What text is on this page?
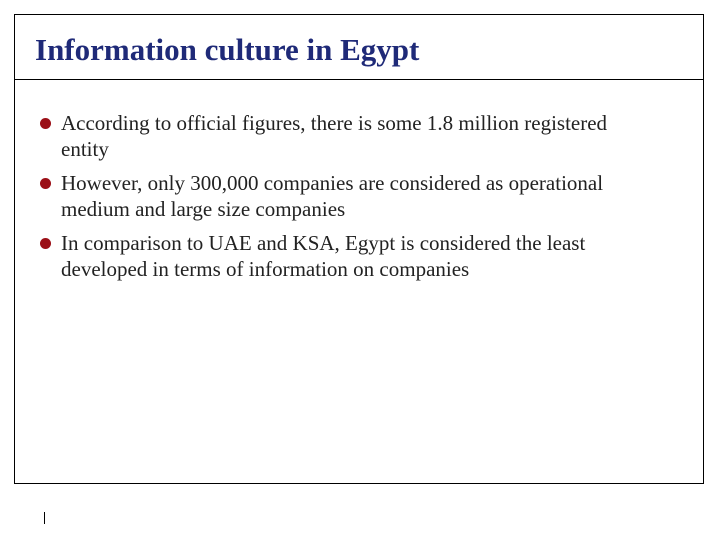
Information culture in Egypt
According to official figures, there is some 1.8 million registered
entity
However, only 300,000 companies are considered as operational
medium and large size companies
In comparison to UAE and KSA, Egypt is considered the least
developed in terms of information on companies
